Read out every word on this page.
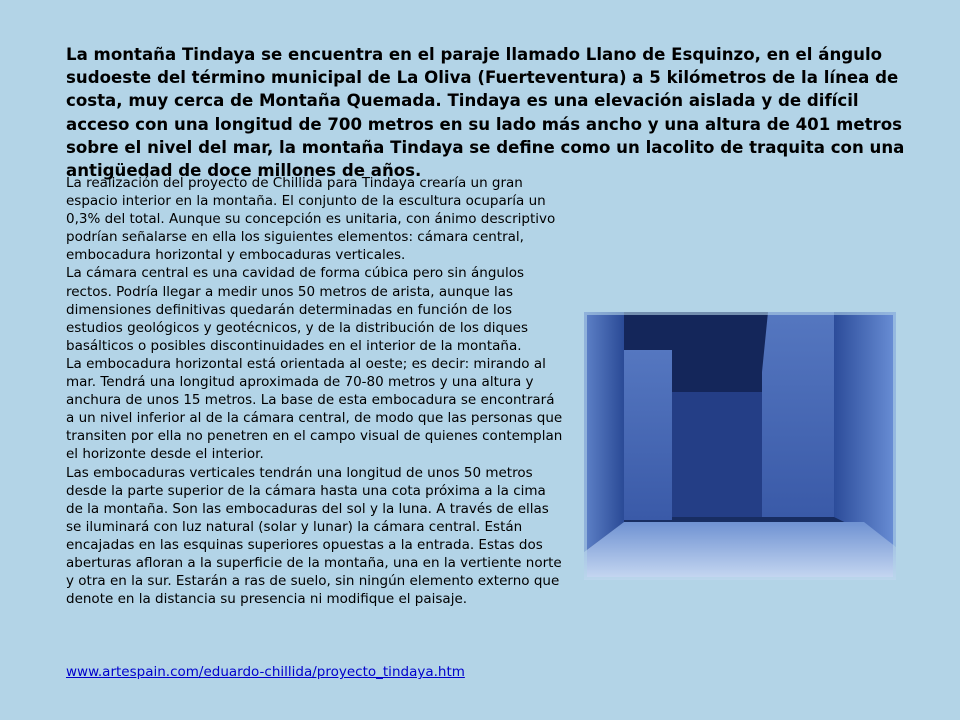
La montaña Tindaya se encuentra en el paraje llamado Llano de Esquinzo, en el ángulo sudoeste del término municipal de La Oliva (Fuerteventura) a 5 kilómetros de la línea de costa, muy cerca de Montaña Quemada. Tindaya es una elevación aislada y de difícil acceso con una longitud de 700 metros en su lado más ancho y una altura de 401 metros sobre el nivel del mar, la montaña Tindaya se define como un lacolito de traquita con una antigüedad de doce millones de años.

La realización del proyecto de Chillida para Tindaya crearía un gran espacio interior en la montaña. El conjunto de la escultura ocuparía un 0,3% del total. Aunque su concepción es unitaria, con ánimo descriptivo podrían señalarse en ella los siguientes elementos: cámara central, embocadura horizontal y embocaduras verticales.

La cámara central es una cavidad de forma cúbica pero sin ángulos rectos. Podría llegar a medir unos 50 metros de arista, aunque las dimensiones definitivas quedarán determinadas en función de los estudios geológicos y geotécnicos, y de la distribución de los diques basálticos o posibles discontinuidades en el interior de la montaña.

La embocadura horizontal está orientada al oeste; es decir: mirando al mar. Tendrá una longitud aproximada de 70-80 metros y una altura y anchura de unos 15 metros. La base de esta embocadura se encontrará a un nivel inferior al de la cámara central, de modo que las personas que transiten por ella no penetren en el campo visual de quienes contemplan el horizonte desde el interior.

Las embocaduras verticales tendrán una longitud de unos 50 metros desde la parte superior de la cámara hasta una cota próxima a la cima de la montaña. Son las embocaduras del sol y la luna. A través de ellas se iluminará con luz natural (solar y lunar) la cámara central. Están encajadas en las esquinas superiores opuestas a la entrada. Estas dos aberturas afloran a la superficie de la montaña, una en la vertiente norte y otra en la sur. Estarán a ras de suelo, sin ningún elemento externo que denote en la distancia su presencia ni modifique el paisaje.

www.artespain.com/eduardo-chillida/proyecto_tindaya.htm
